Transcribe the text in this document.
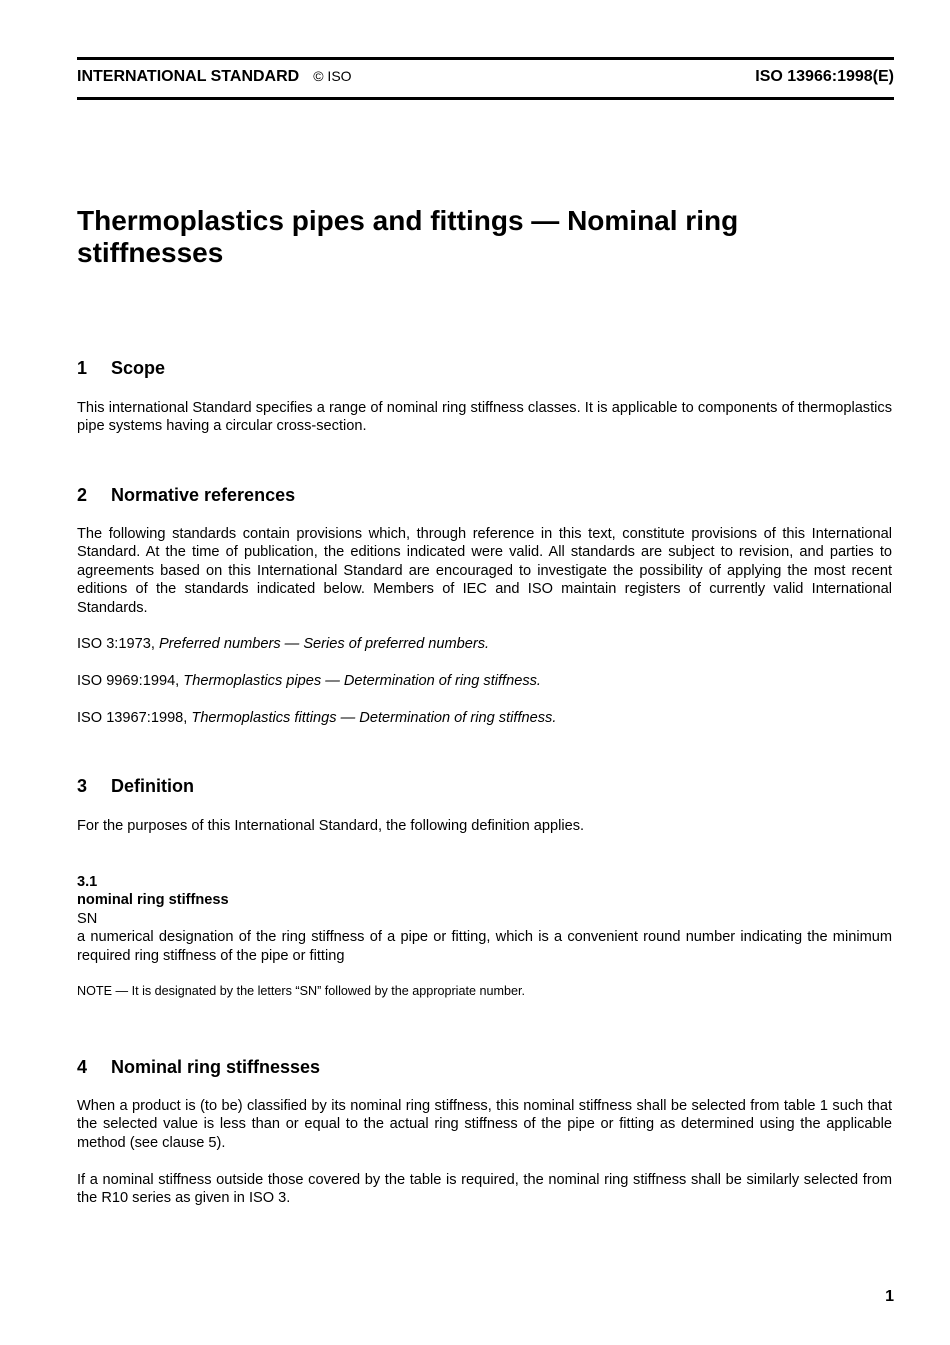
INTERNATIONAL STANDARD © ISO	ISO 13966:1998(E)
Thermoplastics pipes and fittings — Nominal ring
stiffnesses
1 Scope

This international Standard specifies a range of nominal ring stiffness classes. It is applicable to components of thermoplastics pipe systems having a circular cross-section.

2 Normative references

The following standards contain provisions which, through reference in this text, constitute provisions of this International Standard. At the time of publication, the editions indicated were valid. All standards are subject to revision, and parties to agreements based on this International Standard are encouraged to investigate the possibility of applying the most recent editions of the standards indicated below. Members of IEC and ISO maintain registers of currently valid International Standards.

ISO 3:1973, Preferred numbers — Series of preferred numbers.

ISO 9969:1994, Thermoplastics pipes — Determination of ring stiffness.

ISO 13967:1998, Thermoplastics fittings — Determination of ring stiffness.

3 Definition

For the purposes of this International Standard, the following definition applies.

3.1
nominal ring stiffness
SN
a numerical designation of the ring stiffness of a pipe or fitting, which is a convenient round number indicating the minimum required ring stiffness of the pipe or fitting

NOTE — It is designated by the letters “SN” followed by the appropriate number.

4 Nominal ring stiffnesses

When a product is (to be) classified by its nominal ring stiffness, this nominal stiffness shall be selected from table 1 such that the selected value is less than or equal to the actual ring stiffness of the pipe or fitting as determined using the applicable method (see clause 5).

If a nominal stiffness outside those covered by the table is required, the nominal ring stiffness shall be similarly selected from the R10 series as given in ISO 3.

1
